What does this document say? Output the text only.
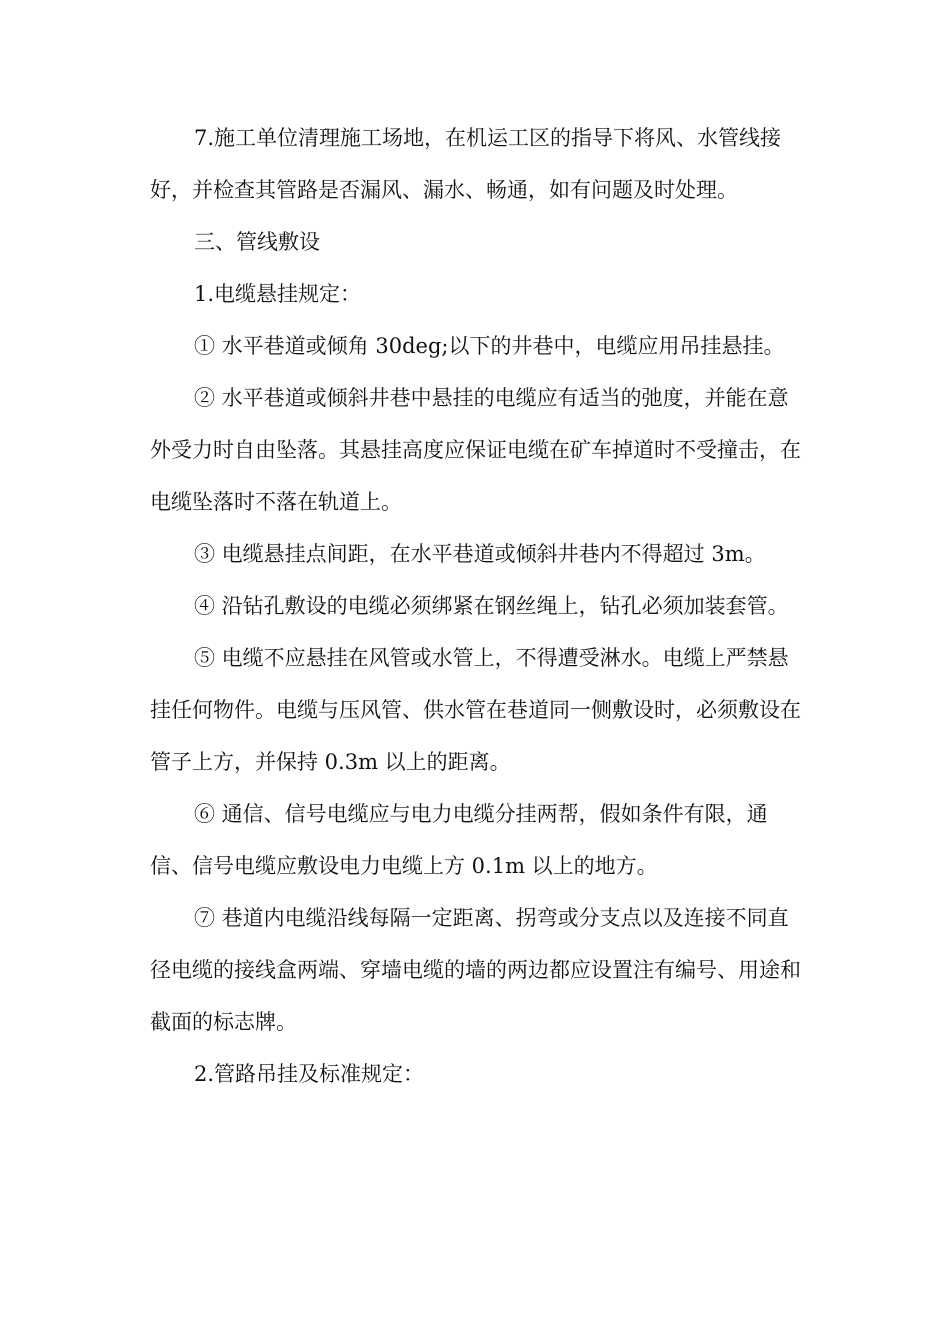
7.施工单位清理施工场地，在机运工区的指导下将风、水管线接好，并检查其管路是否漏风、漏水、畅通，如有问题及时处理。

三、管线敷设

1.电缆悬挂规定：

① 水平巷道或倾角 30deg;以下的井巷中，电缆应用吊挂悬挂。

② 水平巷道或倾斜井巷中悬挂的电缆应有适当的弛度，并能在意外受力时自由坠落。其悬挂高度应保证电缆在矿车掉道时不受撞击，在电缆坠落时不落在轨道上。

③ 电缆悬挂点间距，在水平巷道或倾斜井巷内不得超过 3m。

④ 沿钻孔敷设的电缆必须绑紧在钢丝绳上，钻孔必须加装套管。

⑤ 电缆不应悬挂在风管或水管上，不得遭受淋水。电缆上严禁悬挂任何物件。电缆与压风管、供水管在巷道同一侧敷设时，必须敷设在管子上方，并保持 0.3m 以上的距离。

⑥ 通信、信号电缆应与电力电缆分挂两帮，假如条件有限，通信、信号电缆应敷设电力电缆上方 0.1m 以上的地方。

⑦ 巷道内电缆沿线每隔一定距离、拐弯或分支点以及连接不同直径电缆的接线盒两端、穿墙电缆的墙的两边都应设置注有编号、用途和截面的标志牌。

2.管路吊挂及标准规定：
